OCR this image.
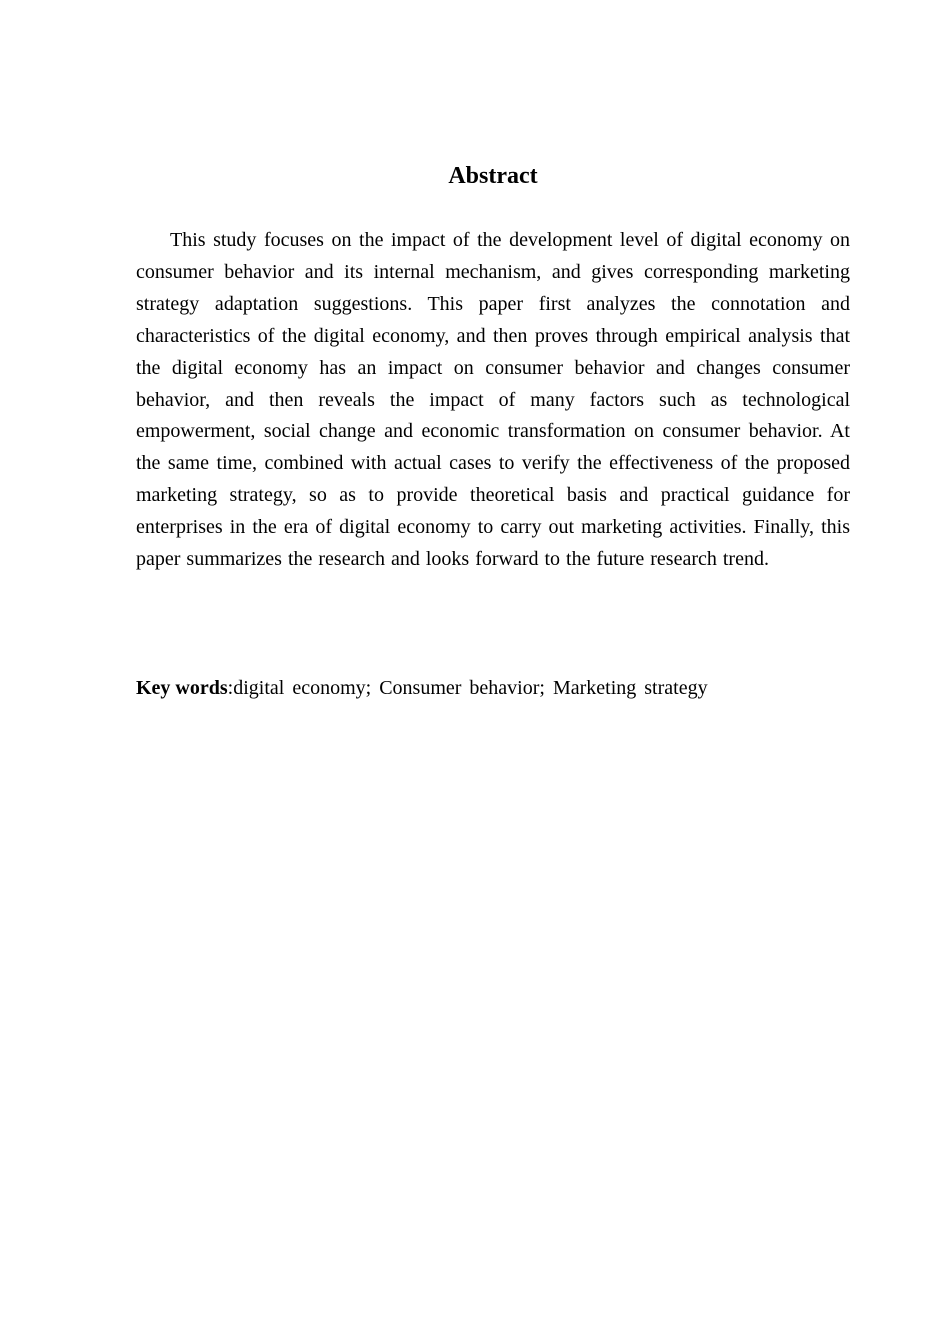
Abstract

This study focuses on the impact of the development level of digital economy on consumer behavior and its internal mechanism, and gives corresponding marketing strategy adaptation suggestions. This paper first analyzes the connotation and characteristics of the digital economy, and then proves through empirical analysis that the digital economy has an impact on consumer behavior and changes consumer behavior, and then reveals the impact of many factors such as technological empowerment, social change and economic transformation on consumer behavior. At the same time, combined with actual cases to verify the effectiveness of the proposed marketing strategy, so as to provide theoretical basis and practical guidance for enterprises in the era of digital economy to carry out marketing activities. Finally, this paper summarizes the research and looks forward to the future research trend.

Key words:digital economy; Consumer behavior; Marketing strategy
